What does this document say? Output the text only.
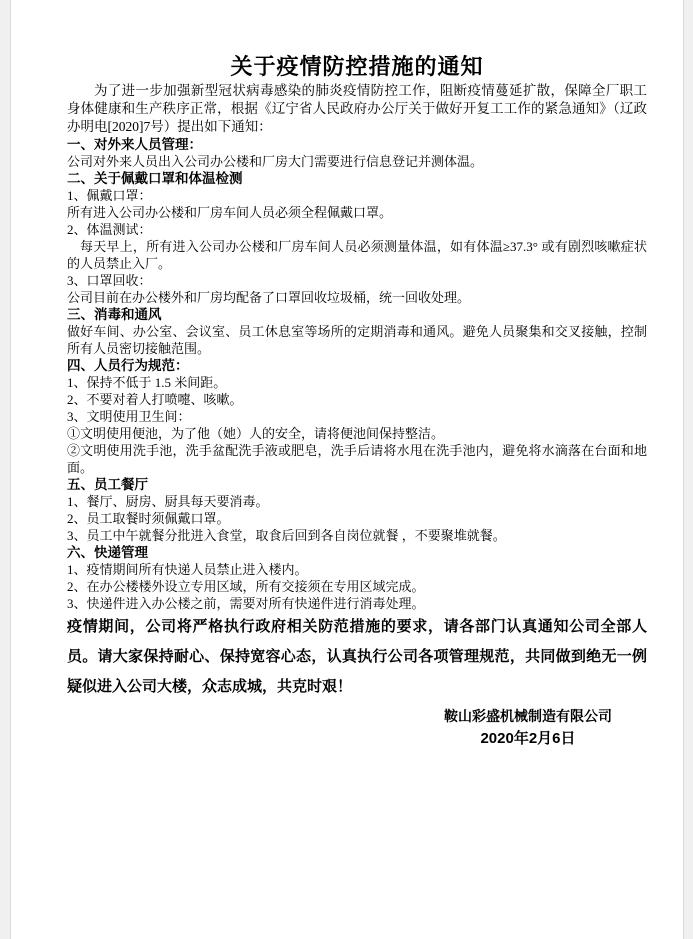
关于疫情防控措施的通知

为了进一步加强新型冠状病毒感染的肺炎疫情防控工作，阻断疫情蔓延扩散，保障全厂职工身体健康和生产秩序正常，根据《辽宁省人民政府办公厅关于做好开复工工作的紧急通知》（辽政办明电[2020]7号）提出如下通知：

一、对外来人员管理：

公司对外来人员出入公司办公楼和厂房大门需要进行信息登记并测体温。

二、关于佩戴口罩和体温检测

1、佩戴口罩：

所有进入公司办公楼和厂房车间人员必须全程佩戴口罩。

2、体温测试：

每天早上，所有进入公司办公楼和厂房车间人员必须测量体温，如有体温≥37.3° 或有剧烈咳嗽症状的人员禁止入厂。

3、口罩回收：

公司目前在办公楼外和厂房均配备了口罩回收垃圾桶，统一回收处理。

三、消毒和通风

做好车间、办公室、会议室、员工休息室等场所的定期消毒和通风。避免人员聚集和交叉接触，控制所有人员密切接触范围。

四、人员行为规范：

1、保持不低于 1.5 米间距。

2、不要对着人打喷嚏、咳嗽。

3、文明使用卫生间：

①文明使用便池，为了他（她）人的安全，请将便池间保持整洁。

②文明使用洗手池，洗手盆配洗手液或肥皂，洗手后请将水甩在洗手池内，避免将水滴落在台面和地面。

五、员工餐厅

1、餐厅、厨房、厨具每天要消毒。

2、员工取餐时须佩戴口罩。

3、员工中午就餐分批进入食堂，取食后回到各自岗位就餐 ，不要聚堆就餐。

六、快递管理

1、疫情期间所有快递人员禁止进入楼内。

2、在办公楼楼外设立专用区域，所有交接须在专用区域完成。

3、快递件进入办公楼之前，需要对所有快递件进行消毒处理。

疫情期间，公司将严格执行政府相关防范措施的要求，请各部门认真通知公司全部人员。请大家保持耐心、保持宽容心态，认真执行公司各项管理规范，共同做到绝无一例疑似进入公司大楼，众志成城，共克时艰！

鞍山彩盛机械制造有限公司

2020年2月6日
